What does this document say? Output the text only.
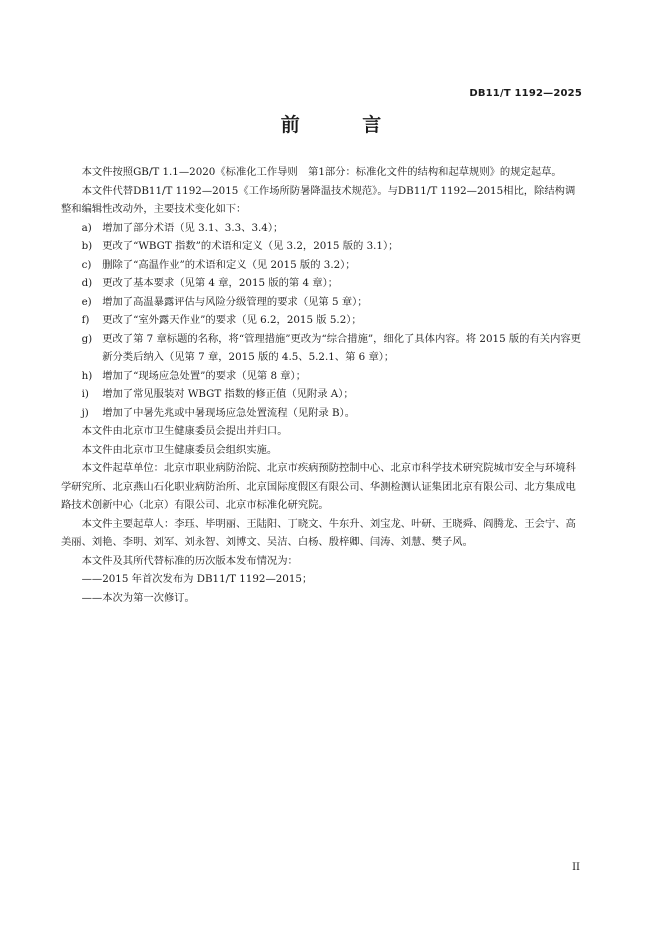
DB11/T 1192—2025
前 言

本文件按照GB/T 1.1—2020《标准化工作导则　第1部分：标准化文件的结构和起草规则》的规定起草。

本文件代替DB11/T 1192—2015《工作场所防暑降温技术规范》。与DB11/T 1192—2015相比，除结构调整和编辑性改动外，主要技术变化如下：

a)	增加了部分术语（见 3.1、3.3、3.4）；
b) 更改了“WBGT 指数”的术语和定义（见 3.2，2015 版的 3.1）；
c)	删除了“高温作业”的术语和定义（见 2015 版的 3.2）；
d) 更改了基本要求（见第 4 章，2015 版的第 4 章）；
e)	增加了高温暴露评估与风险分级管理的要求（见第 5 章）；
f)	更改了“室外露天作业”的要求（见 6.2，2015 版 5.2）；
g) 更改了第 7 章标题的名称，将“管理措施”更改为“综合措施”，细化了具体内容。将 2015 版的有关内容更新分类后纳入（见第 7 章，2015 版的 4.5、5.2.1、第 6 章）；
h) 增加了“现场应急处置”的要求（见第 8 章）；
i)	增加了常见服装对 WBGT 指数的修正值（见附录 A）；
j)	增加了中暑先兆或中暑现场应急处置流程（见附录 B）。

本文件由北京市卫生健康委员会提出并归口。

本文件由北京市卫生健康委员会组织实施。

本文件起草单位：北京市职业病防治院、北京市疾病预防控制中心、北京市科学技术研究院城市安全与环境科学研究所、北京燕山石化职业病防治所、北京国际度假区有限公司、华测检测认证集团北京有限公司、北方集成电路技术创新中心（北京）有限公司、北京市标准化研究院。

本文件主要起草人：李珏、毕明丽、王陆阳、丁晓文、牛东升、刘宝龙、叶研、王晓舜、阎腾龙、王会宁、高美丽、刘艳、李明、刘军、刘永智、刘博文、吴洁、白杨、殷梓卿、闫涛、刘慧、樊子风。

本文件及其所代替标准的历次版本发布情况为：

——2015 年首次发布为 DB11/T 1192—2015；

——本次为第一次修订。

II
